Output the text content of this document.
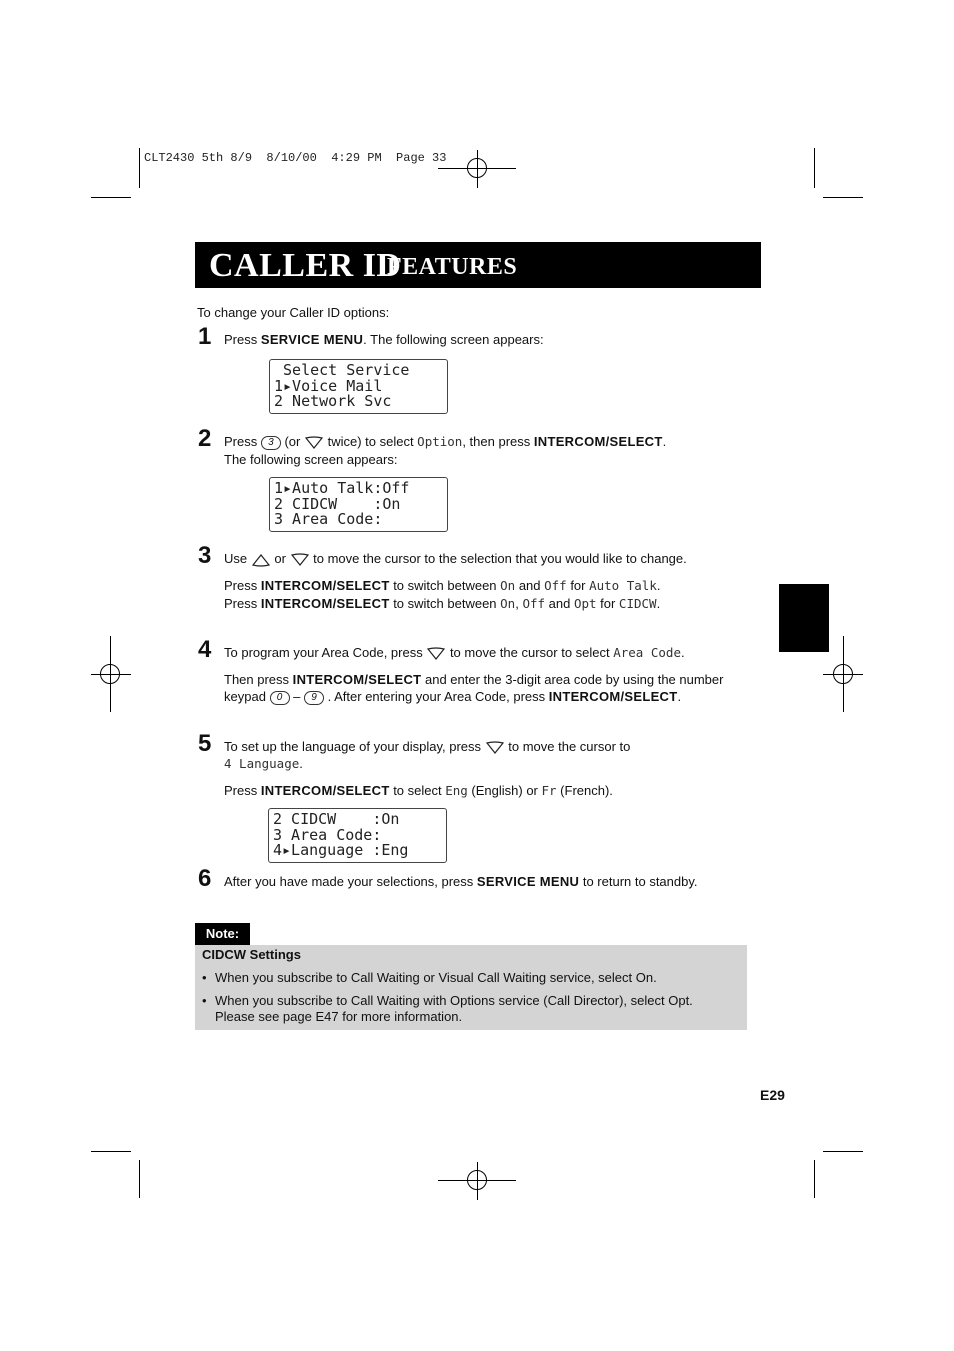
CLT2430 5th 8/9  8/10/00  4:29 PM  Page 33
CALLER ID
FEATURES
To change your Caller ID options:
1 Press SERVICE MENU. The following screen appears:
Select Service
1▸Voice Mail
2 Network Svc
2 Press 3 (or  twice) to select Option, then press INTERCOM/SELECT.
The following screen appears:
1▸Auto Talk:Off
2 CIDCW    :On
3 Area Code:
3 Use  or  to move the cursor to the selection that you would like to change.
Press INTERCOM/SELECT to switch between On and Off for Auto Talk.
Press INTERCOM/SELECT to switch between On, Off and Opt for CIDCW.
4 To program your Area Code, press  to move the cursor to select Area Code.
Then press INTERCOM/SELECT and enter the 3-digit area code by using the number
keypad 0 – 9 . After entering your Area Code, press INTERCOM/SELECT.
5 To set up the language of your display, press  to move the cursor to
4 Language.
Press INTERCOM/SELECT to select Eng (English) or Fr (French).
2 CIDCW    :On
3 Area Code:
4▸Language :Eng
6 After you have made your selections, press SERVICE MENU to return to standby.
Note:
CIDCW Settings
• When you subscribe to Call Waiting or Visual Call Waiting service, select On.
• When you subscribe to Call Waiting with Options service (Call Director), select Opt.
Please see page E47 for more information.
E29
